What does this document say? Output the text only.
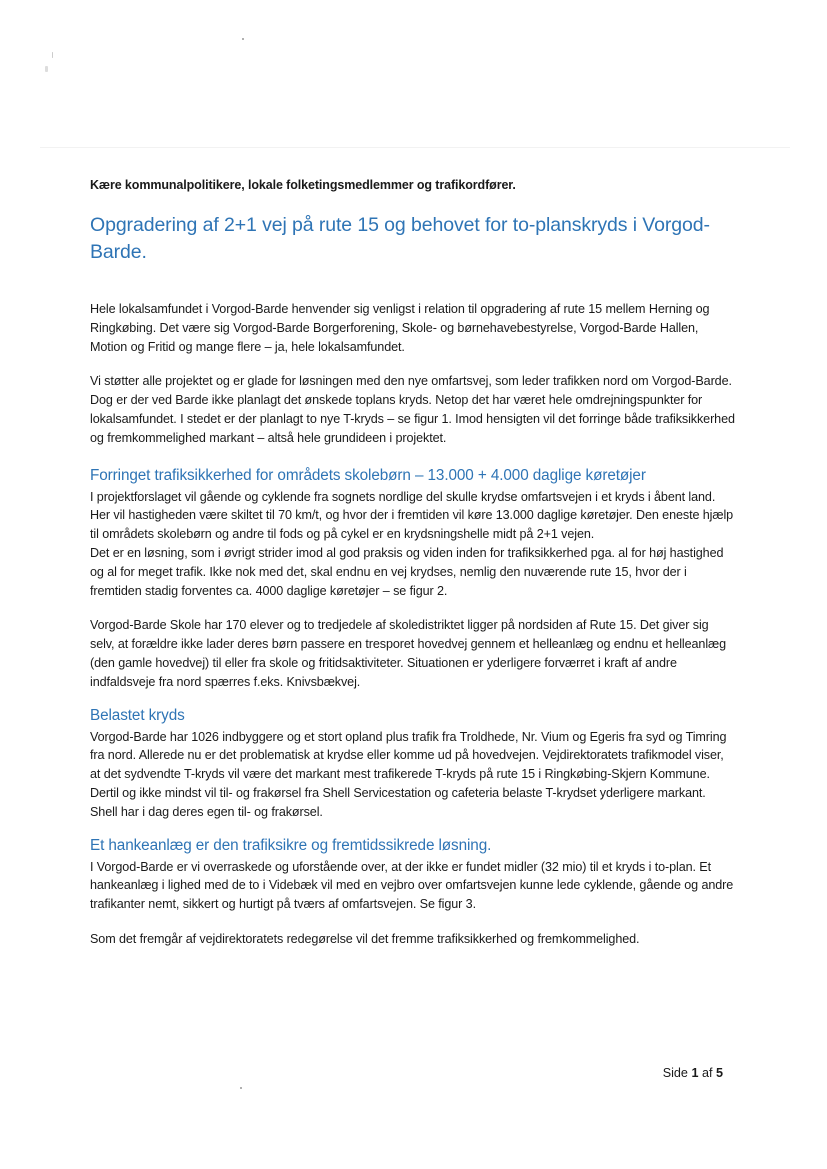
Kære kommunalpolitikere, lokale folketingsmedlemmer og trafikordfører.
Opgradering af 2+1 vej på rute 15 og behovet for to-planskryds i Vorgod-Barde.

Hele lokalsamfundet i Vorgod-Barde henvender sig venligst i relation til opgradering af rute 15 mellem Herning og Ringkøbing. Det være sig Vorgod-Barde Borgerforening, Skole- og børnehavebestyrelse, Vorgod-Barde Hallen, Motion og Fritid og mange flere – ja, hele lokalsamfundet.

Vi støtter alle projektet og er glade for løsningen med den nye omfartsvej, som leder trafikken nord om Vorgod-Barde. Dog er der ved Barde ikke planlagt det ønskede toplans kryds. Netop det har været hele omdrejningspunkter for lokalsamfundet. I stedet er der planlagt to nye T-kryds – se figur 1. Imod hensigten vil det forringe både trafiksikkerhed og fremkommelighed markant – altså hele grundideen i projektet.

Forringet trafiksikkerhed for områdets skolebørn – 13.000 + 4.000 daglige køretøjer

I projektforslaget vil gående og cyklende fra sognets nordlige del skulle krydse omfartsvejen i et kryds i åbent land. Her vil hastigheden være skiltet til 70 km/t, og hvor der i fremtiden vil køre 13.000 daglige køretøjer. Den eneste hjælp til områdets skolebørn og andre til fods og på cykel er en krydsningshelle midt på 2+1 vejen.

Det er en løsning, som i øvrigt strider imod al god praksis og viden inden for trafiksikkerhed pga. al for høj hastighed og al for meget trafik. Ikke nok med det, skal endnu en vej krydses, nemlig den nuværende rute 15, hvor der i fremtiden stadig forventes ca. 4000 daglige køretøjer – se figur 2.

Vorgod-Barde Skole har 170 elever og to tredjedele af skoledistriktet ligger på nordsiden af Rute 15. Det giver sig selv, at forældre ikke lader deres børn passere en tresporet hovedvej gennem et helleanlæg og endnu et helleanlæg (den gamle hovedvej) til eller fra skole og fritidsaktiviteter. Situationen er yderligere forværret i kraft af andre indfaldsveje fra nord spærres f.eks. Knivsbækvej.

Belastet kryds

Vorgod-Barde har 1026 indbyggere og et stort opland plus trafik fra Troldhede, Nr. Vium og Egeris fra syd og Timring fra nord. Allerede nu er det problematisk at krydse eller komme ud på hovedvejen. Vejdirektoratets trafikmodel viser, at det sydvendte T-kryds vil være det markant mest trafikerede T-kryds på rute 15 i Ringkøbing-Skjern Kommune. Dertil og ikke mindst vil til- og frakørsel fra Shell Servicestation og cafeteria belaste T-krydset yderligere markant. Shell har i dag deres egen til- og frakørsel.

Et hankeanlæg er den trafiksikre og fremtidssikrede løsning.

I Vorgod-Barde er vi overraskede og uforstående over, at der ikke er fundet midler (32 mio) til et kryds i to-plan. Et hankeanlæg i lighed med de to i Videbæk vil med en vejbro over omfartsvejen kunne lede cyklende, gående og andre trafikanter nemt, sikkert og hurtigt på tværs af omfartsvejen. Se figur 3.

Som det fremgår af vejdirektoratets redegørelse vil det fremme trafiksikkerhed og fremkommelighed.

Side 1 af 5
